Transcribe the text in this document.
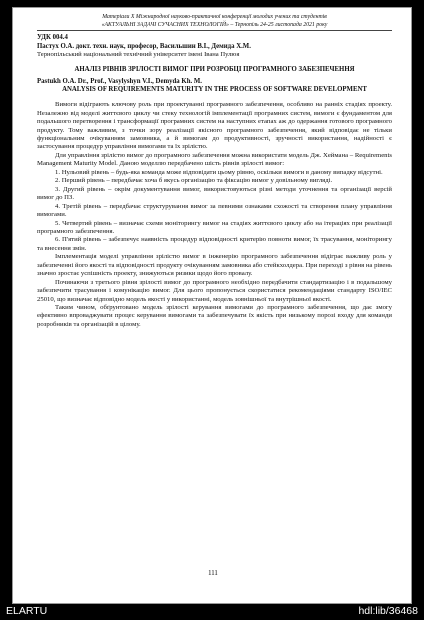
Матеріали Х Міжнародної науково-практичної конференції молодих учених та студентів
«АКТУАЛЬНІ ЗАДАЧІ СУЧАСНИХ ТЕХНОЛОГІЙ» – Тернопіль 24-25 листопада 2021 року
УДК 004.4
Пастух О.А. докт. техн. наук, професор, Васильшин В.І., Демида Х.М.
Тернопільський національний технічний університет імені Івана Пулюя
АНАЛІЗ РІВНІВ ЗРІЛОСТІ ВИМОГ ПРИ РОЗРОБЦІ ПРОГРАМНОГО ЗАБЕЗПЕЧЕННЯ
Pastukh O.A. Dr., Prof., Vasylyshyn V.I., Demyda Kh. M.
ANALYSIS OF REQUIREMENTS MATURITY IN THE PROCESS OF SOFTWARE DEVELOPMENT

Вимоги відіграють ключову роль при проектуванні програмного забезпечення, особливо на ранніх стадіях проекту. Незалежно від моделі життєвого циклу чи стеку технологій імплементації програмних систем, вимоги є фундаментом для подальшого перетворення і трансформації програмних систем на наступних етапах аж до одержання готового програмного продукту. Тому важливим, з точки зору реалізації якісного програмного забезпечення, який відповідає не тільки функціональним очікуванням замовника, а й вимогам до продуктивності, зручності використання, надійності є застосування процедур управління вимогами та їх зрілістю.

Для управління зрілістю вимог до програмного забезпечення можна використати модель Дж. Хеймана – Requirements Management Maturity Model. Даною моделлю передбачено шість рівнів зрілості вимог:

1. Нульовий рівень – будь-яка команда може відповідати цьому рівню, оскільки вимоги в даному випадку відсутні.

2. Перший рівень – передбачає хоча б якусь організацію та фіксацію вимог у довільному вигляді.

3. Другий рівень – окрім документування вимог, використовуються різні методи уточнення та організації версій вимог до ПЗ.

4. Третій рівень – передбачає структурування вимог за певними ознаками схожості та створення плану управління вимогами.

5. Четвертий рівень – визначає схеми моніторингу вимог на стадіях життєвого циклу або на ітераціях при реалізації програмного забезпечення.

6. П'ятий рівень – забезпечує наявність процедур відповідності критерію повноти вимог, їх трасування, моніторингу та внесення змін.

Імплементація моделі управління зрілістю вимог в інженерію програмного забезпечення відіграє важливу роль у забезпеченні його якості та відповідності продукту очікуванням замовника або стейкхолдера. При переході з рівня на рівень значно зростає успішність проекту, знижуються ризики щодо його провалу.

Починаючи з третього рівня зрілості вимог до програмного необхідно передбачити стандартизацію і в подальшому забезпечити трасування і комунікацію вимог. Для цього пропонується скористатися рекомендаціями стандарту ISO/IEC 25010, що визначає відповідно модель якості у використанні, модель зовнішньої та внутрішньої якості.

Таким чином, обґрунтовано модель зрілості керування вимогами до програмного забезпечення, що дає змогу ефективно впроваджувати процес керування вимогами та забезпечувати їх якість при низькому порозі входу для команди розробників та організацій в цілому.

111
ELARTU	hdl:lib/36468
